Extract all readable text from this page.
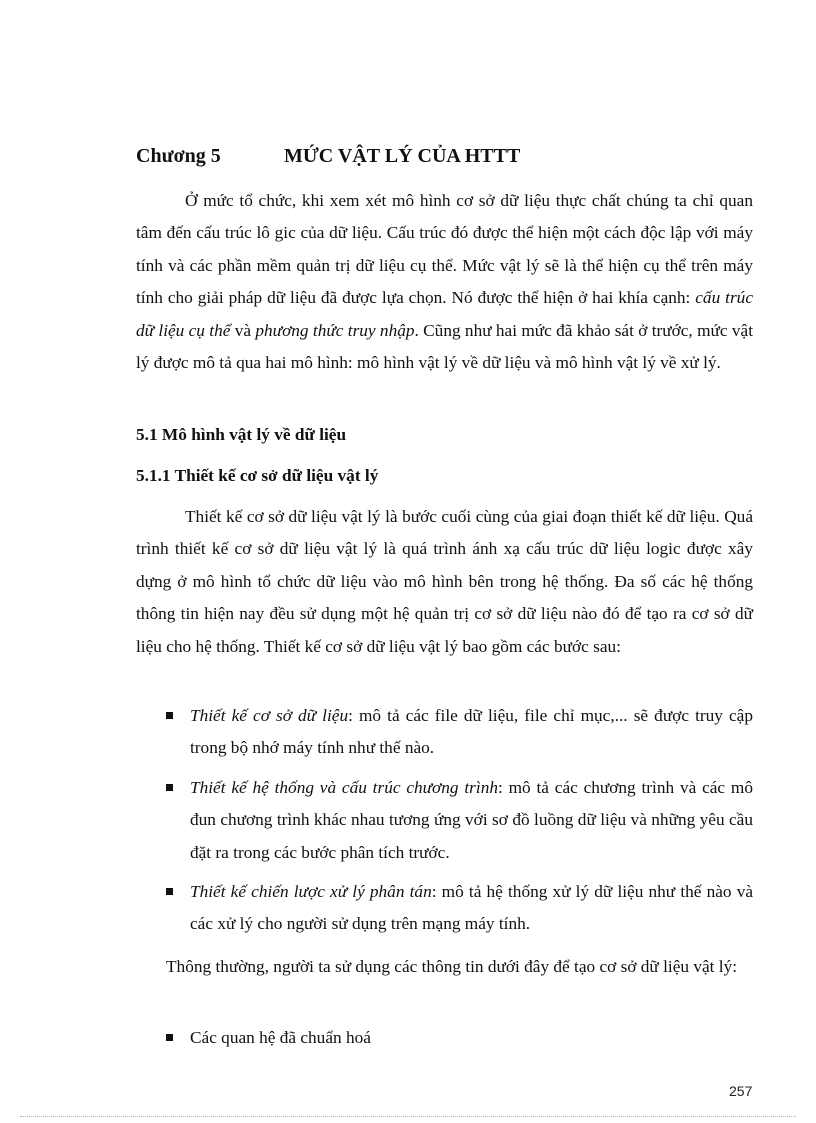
Chương 5	MỨC VẬT LÝ CỦA HTTT

Ở mức tổ chức, khi xem xét mô hình cơ sở dữ liệu thực chất chúng ta chỉ quan tâm đến cấu trúc lô gic của dữ liệu. Cấu trúc đó được thể hiện một cách độc lập với máy tính và các phần mềm quản trị dữ liệu cụ thể. Mức vật lý sẽ là thể hiện cụ thể trên máy tính cho giải pháp dữ liệu đã được lựa chọn. Nó được thể hiện ở hai khía cạnh: cấu trúc dữ liệu cụ thể và phương thức truy nhập. Cũng như hai mức đã khảo sát ở trước, mức vật lý được mô tả qua hai mô hình: mô hình vật lý về dữ liệu và mô hình vật lý về xử lý.

5.1 Mô hình vật lý về dữ liệu
5.1.1 Thiết kế cơ sở dữ liệu vật lý

Thiết kế cơ sở dữ liệu vật lý là bước cuối cùng của giai đoạn thiết kế dữ liệu. Quá trình thiết kế cơ sở dữ liệu vật lý là quá trình ánh xạ cấu trúc dữ liệu logic được xây dựng ở mô hình tổ chức dữ liệu vào mô hình bên trong hệ thống. Đa số các hệ thống thông tin hiện nay đều sử dụng một hệ quản trị cơ sở dữ liệu nào đó để tạo ra cơ sở dữ liệu cho hệ thống. Thiết kế cơ sở dữ liệu vật lý bao gồm các bước sau:

Thiết kế cơ sở dữ liệu: mô tả các file dữ liệu, file chỉ mục,... sẽ được truy cập trong bộ nhớ máy tính như thế nào.
Thiết kế hệ thống và cấu trúc chương trình: mô tả các chương trình và các mô đun chương trình khác nhau tương ứng với sơ đồ luồng dữ liệu và những yêu cầu đặt ra trong các bước phân tích trước.
Thiết kế chiến lược xử lý phân tán: mô tả hệ thống xử lý dữ liệu như thế nào và các xử lý cho người sử dụng trên mạng máy tính.

Thông thường, người ta sử dụng các thông tin dưới đây để tạo cơ sở dữ liệu vật lý:

Các quan hệ đã chuẩn hoá
257
